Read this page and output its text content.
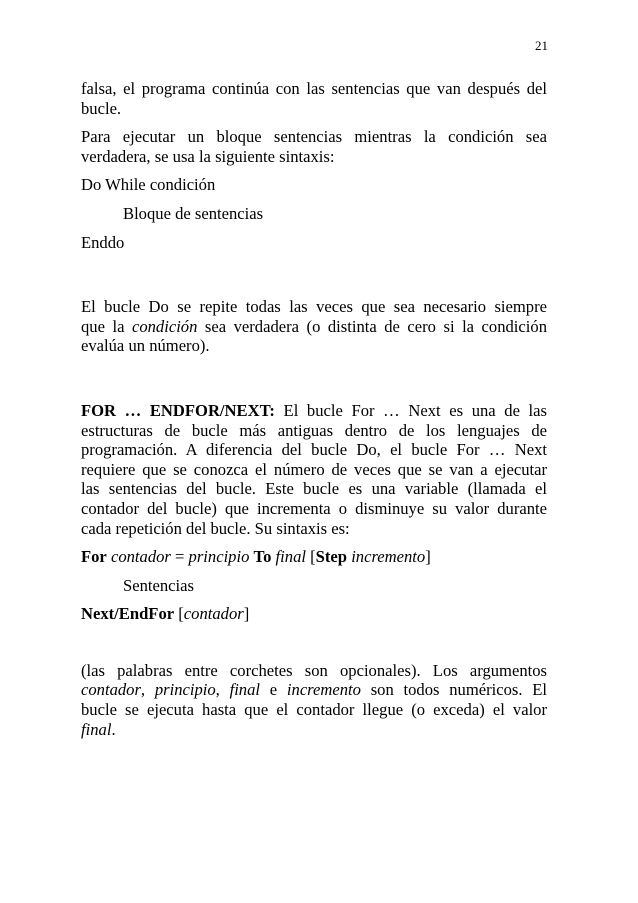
21

falsa, el programa continúa con las sentencias que van después del
bucle.

Para ejecutar un bloque sentencias mientras la condición sea
verdadera, se usa la siguiente sintaxis:

Do While condición

Bloque de sentencias

Enddo

El bucle Do se repite todas las veces que sea necesario siempre
que la condición sea verdadera (o distinta de cero si la condición
evalúa un número).

FOR … ENDFOR/NEXT: El bucle For … Next es una de las
estructuras de bucle más antiguas dentro de los lenguajes de
programación. A diferencia del bucle Do, el bucle For … Next
requiere que se conozca el número de veces que se van a ejecutar
las sentencias del bucle. Este bucle es una variable (llamada el
contador del bucle) que incrementa o disminuye su valor durante
cada repetición del bucle. Su sintaxis es:

For contador = principio To final [Step incremento]

Sentencias

Next/EndFor [contador]

(las palabras entre corchetes son opcionales). Los argumentos
contador, principio, final e incremento son todos numéricos. El
bucle se ejecuta hasta que el contador llegue (o exceda) el valor
final.
